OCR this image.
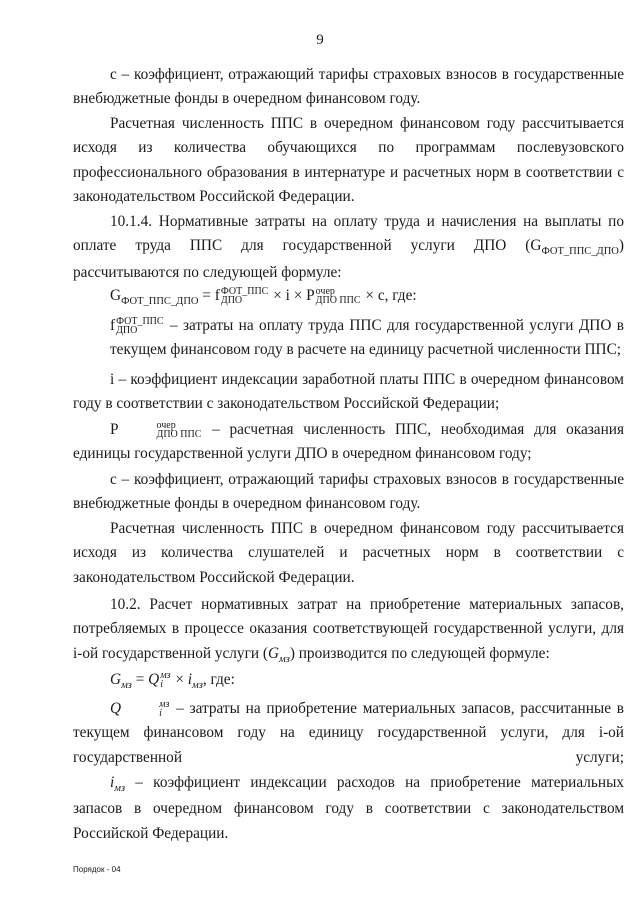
9
с – коэффициент, отражающий тарифы страховых взносов в государственные внебюджетные фонды в очередном финансовом году.
Расчетная численность ППС в очередном финансовом году рассчитывается исходя из количества обучающихся по программам послевузовского профессионального образования в интернатуре и расчетных норм в соответствии с законодательством Российской Федерации.
10.1.4. Нормативные затраты на оплату труда и начисления на выплаты по оплате труда ППС для государственной услуги ДПО $(G_{ФОТ\_ППС\_ДПО})$ рассчитываются по следующей формуле:
$G_{ФОТ\_ППС\_ДПО} = f$ ФОТ_ППС
ДПО	× i × P очер
ДПО ППС × с, где:
f ФОТ_ППС
ДПО	– затраты на оплату труда ППС для государственной услуги ДПО в текущем финансовом году в расчете на единицу расчетной численности ППС;
i – коэффициент индексации заработной платы ППС в очередном финансовом году в соответствии с законодательством Российской Федерации;
P	очер
ДПО ППС – расчетная численность ППС, необходимая для оказания единицы государственной услуги ДПО в очередном финансовом году;
с – коэффициент, отражающий тарифы страховых взносов в государственные внебюджетные фонды в очередном финансовом году.
Расчетная численность ППС в очередном финансовом году рассчитывается исходя из количества слушателей и расчетных норм в соответствии с законодательством Российской Федерации.
10.2. Расчет нормативных затрат на приобретение материальных запасов, потребляемых в процессе оказания соответствующей государственной услуги, для i-ой государственной услуги $(G_{мз})$ производится по следующей формуле:
$G_{мз} = Q$ мз
$i \times i_{мз}$, где:
Q	мз
i – затраты на приобретение материальных запасов, рассчитанные в текущем финансовом году на единицу государственной услуги, для i-ой государственной услуги;
$i_{мз}$ – коэффициент индексации расходов на приобретение материальных запасов в очередном финансовом году в соответствии с законодательством Российской Федерации.
Порядок - 04
